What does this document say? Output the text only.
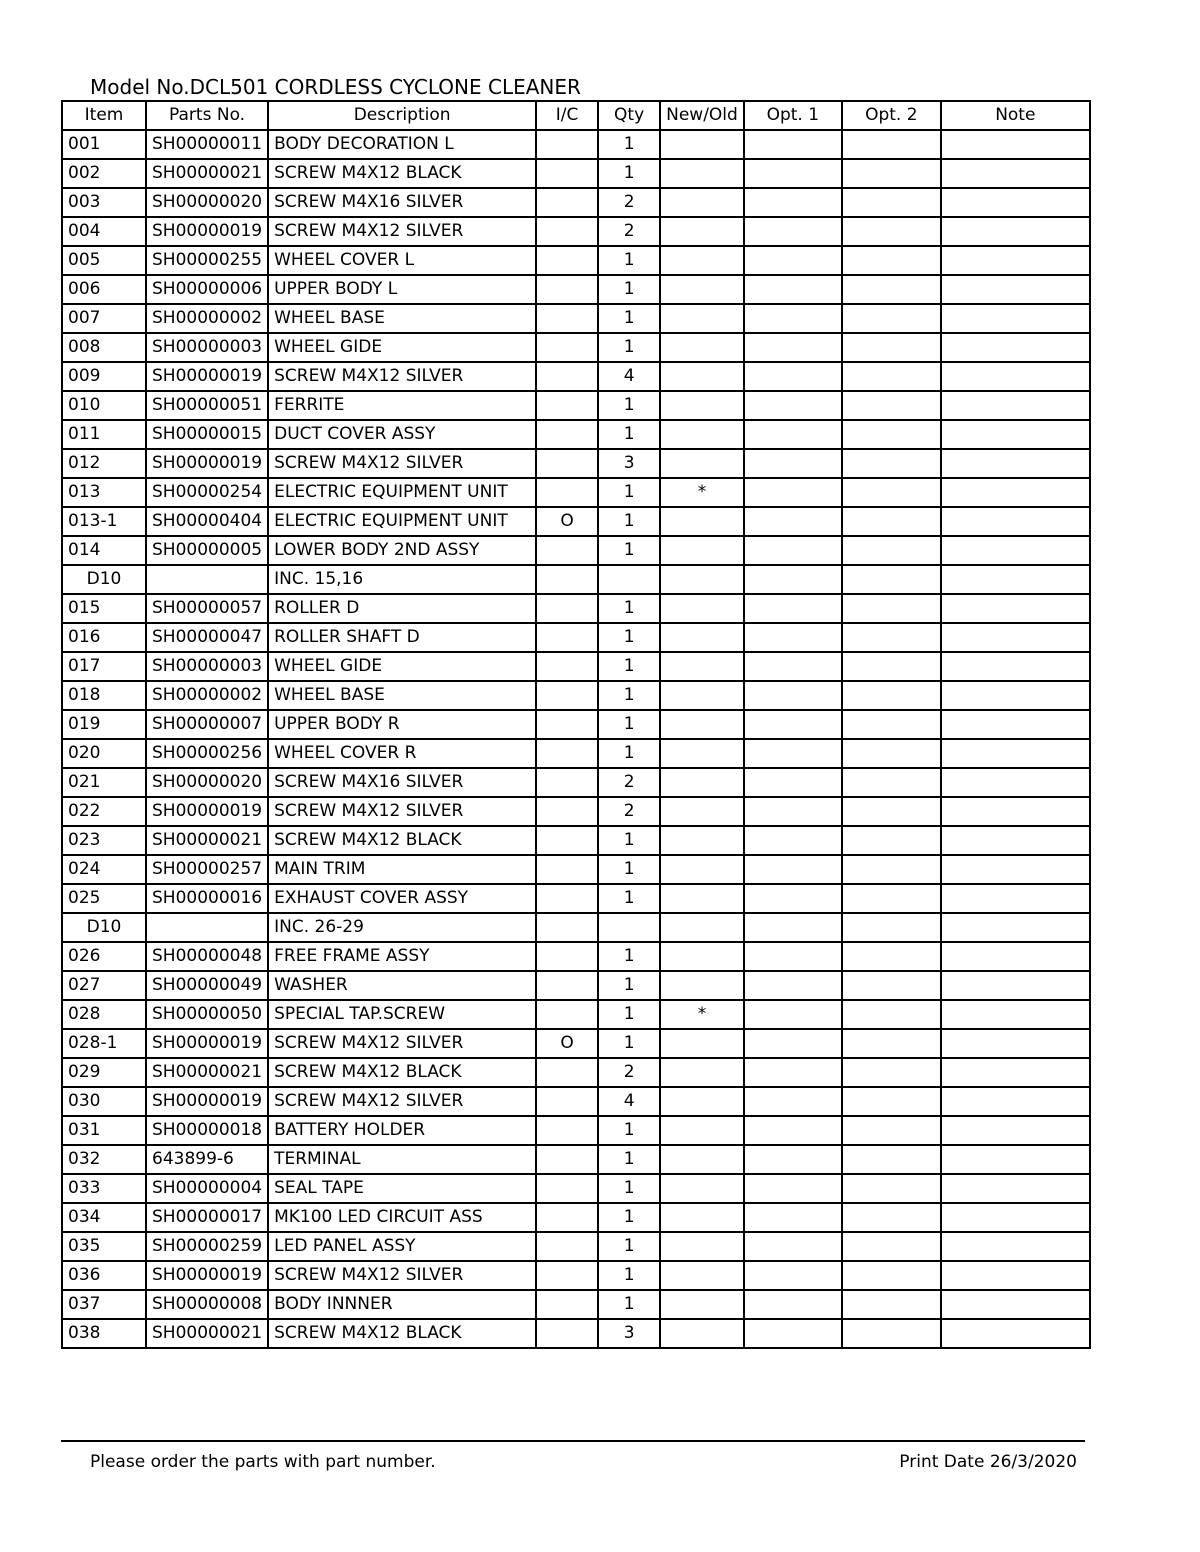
Model No.DCL501 CORDLESS CYCLONE CLEANER
Item	Parts No.	Description	I/C	Qty	New/Old	Opt. 1	Opt. 2	Note
001	SH00000011	BODY DECORATION L		1				
002	SH00000021	SCREW M4X12 BLACK		1				
003	SH00000020	SCREW M4X16 SILVER		2				
004	SH00000019	SCREW M4X12 SILVER		2				
005	SH00000255	WHEEL COVER L		1				
006	SH00000006	UPPER BODY L		1				
007	SH00000002	WHEEL BASE		1				
008	SH00000003	WHEEL GIDE		1				
009	SH00000019	SCREW M4X12 SILVER		4				
010	SH00000051	FERRITE		1				
011	SH00000015	DUCT COVER ASSY		1				
012	SH00000019	SCREW M4X12 SILVER		3				
013	SH00000254	ELECTRIC EQUIPMENT UNIT		1	*			
013-1	SH00000404	ELECTRIC EQUIPMENT UNIT	O	1				
014	SH00000005	LOWER BODY 2ND ASSY		1				
D10		INC. 15,16						
015	SH00000057	ROLLER D		1				
016	SH00000047	ROLLER SHAFT D		1				
017	SH00000003	WHEEL GIDE		1				
018	SH00000002	WHEEL BASE		1				
019	SH00000007	UPPER BODY R		1				
020	SH00000256	WHEEL COVER R		1				
021	SH00000020	SCREW M4X16 SILVER		2				
022	SH00000019	SCREW M4X12 SILVER		2				
023	SH00000021	SCREW M4X12 BLACK		1				
024	SH00000257	MAIN TRIM		1				
025	SH00000016	EXHAUST COVER ASSY		1				
D10		INC. 26-29						
026	SH00000048	FREE FRAME ASSY		1				
027	SH00000049	WASHER		1				
028	SH00000050	SPECIAL TAP.SCREW		1	*			
028-1	SH00000019	SCREW M4X12 SILVER	O	1				
029	SH00000021	SCREW M4X12 BLACK		2				
030	SH00000019	SCREW M4X12 SILVER		4				
031	SH00000018	BATTERY HOLDER		1				
032	643899-6	TERMINAL		1				
033	SH00000004	SEAL TAPE		1				
034	SH00000017	MK100 LED CIRCUIT ASS		1				
035	SH00000259	LED PANEL ASSY		1				
036	SH00000019	SCREW M4X12 SILVER		1				
037	SH00000008	BODY INNNER		1				
038	SH00000021	SCREW M4X12 BLACK		3				
Please order the parts with part number.	Print Date 26/3/2020
